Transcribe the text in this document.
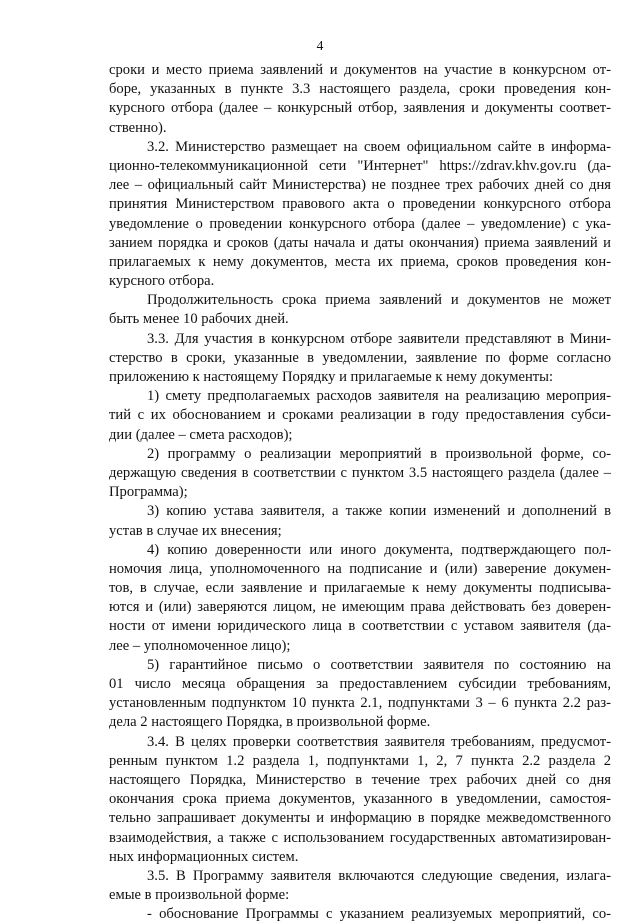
4
сроки и место приема заявлений и документов на участие в конкурсном от-
боре, указанных в пункте 3.3 настоящего раздела, сроки проведения кон-
курсного отбора (далее – конкурсный отбор, заявления и документы соответ-
ственно).
3.2. Министерство размещает на своем официальном сайте в информа-
ционно-телекоммуникационной сети "Интернет" https://zdrav.khv.gov.ru (да-
лее – официальный сайт Министерства) не позднее трех рабочих дней со дня
принятия Министерством правового акта о проведении конкурсного отбора
уведомление о проведении конкурсного отбора (далее – уведомление) с ука-
занием порядка и сроков (даты начала и даты окончания) приема заявлений и
прилагаемых к нему документов, места их приема, сроков проведения кон-
курсного отбора.
Продолжительность срока приема заявлений и документов не может
быть менее 10 рабочих дней.
3.3. Для участия в конкурсном отборе заявители представляют в Мини-
стерство в сроки, указанные в уведомлении, заявление по форме согласно
приложению к настоящему Порядку и прилагаемые к нему документы:
1) смету предполагаемых расходов заявителя на реализацию мероприя-
тий с их обоснованием и сроками реализации в году предоставления субси-
дии (далее – смета расходов);
2) программу о реализации мероприятий в произвольной форме, со-
держащую сведения в соответствии с пунктом 3.5 настоящего раздела (далее –
Программа);
3) копию устава заявителя, а также копии изменений и дополнений в
устав в случае их внесения;
4) копию доверенности или иного документа, подтверждающего пол-
номочия лица, уполномоченного на подписание и (или) заверение докумен-
тов, в случае, если заявление и прилагаемые к нему документы подписыва-
ются и (или) заверяются лицом, не имеющим права действовать без доверен-
ности от имени юридического лица в соответствии с уставом заявителя (да-
лее – уполномоченное лицо);
5) гарантийное письмо о соответствии заявителя по состоянию на
01 число месяца обращения за предоставлением субсидии требованиям,
установленным подпунктом 10 пункта 2.1, подпунктами 3 – 6 пункта 2.2 раз-
дела 2 настоящего Порядка, в произвольной форме.
3.4. В целях проверки соответствия заявителя требованиям, предусмот-
ренным пунктом 1.2 раздела 1, подпунктами 1, 2, 7 пункта 2.2 раздела 2
настоящего Порядка, Министерство в течение трех рабочих дней со дня
окончания срока приема документов, указанного в уведомлении, самостоя-
тельно запрашивает документы и информацию в порядке межведомственного
взаимодействия, а также с использованием государственных автоматизирован-
ных информационных систем.
3.5. В Программу заявителя включаются следующие сведения, излага-
емые в произвольной форме:
- обоснование Программы с указанием реализуемых мероприятий, со-
